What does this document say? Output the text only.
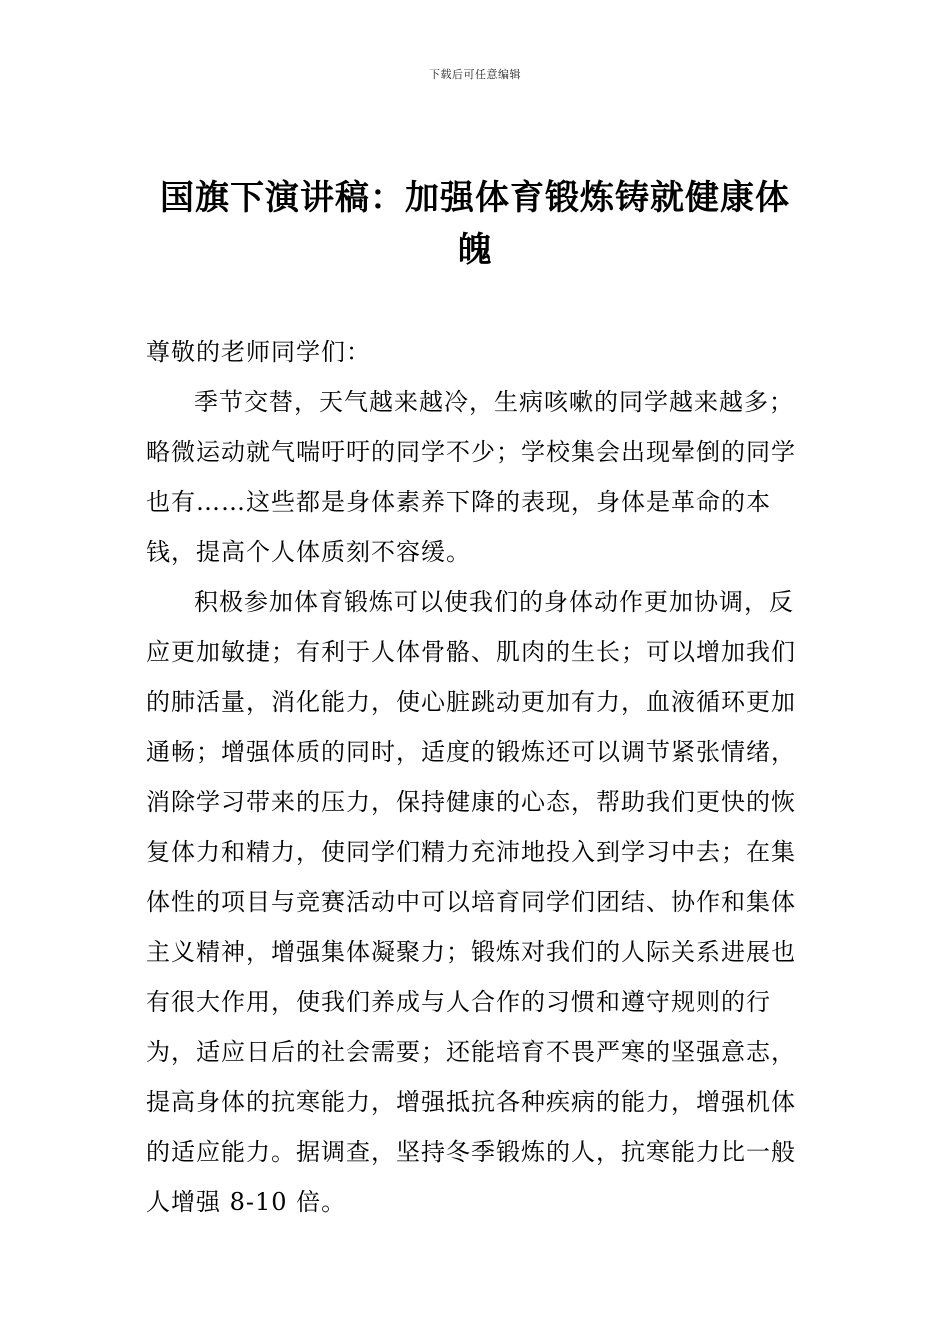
下载后可任意编辑
国旗下演讲稿：加强体育锻炼铸就健康体魄

尊敬的老师同学们：

季节交替，天气越来越冷，生病咳嗽的同学越来越多；略微运动就气喘吁吁的同学不少；学校集会出现晕倒的同学也有……这些都是身体素养下降的表现，身体是革命的本钱，提高个人体质刻不容缓。

积极参加体育锻炼可以使我们的身体动作更加协调，反应更加敏捷；有利于人体骨骼、肌肉的生长；可以增加我们的肺活量，消化能力，使心脏跳动更加有力，血液循环更加通畅；增强体质的同时，适度的锻炼还可以调节紧张情绪，消除学习带来的压力，保持健康的心态，帮助我们更快的恢复体力和精力，使同学们精力充沛地投入到学习中去；在集体性的项目与竞赛活动中可以培育同学们团结、协作和集体主义精神，增强集体凝聚力；锻炼对我们的人际关系进展也有很大作用，使我们养成与人合作的习惯和遵守规则的行为，适应日后的社会需要；还能培育不畏严寒的坚强意志，提高身体的抗寒能力，增强抵抗各种疾病的能力，增强机体的适应能力。据调查，坚持冬季锻炼的人，抗寒能力比一般人增强 8-10 倍。
